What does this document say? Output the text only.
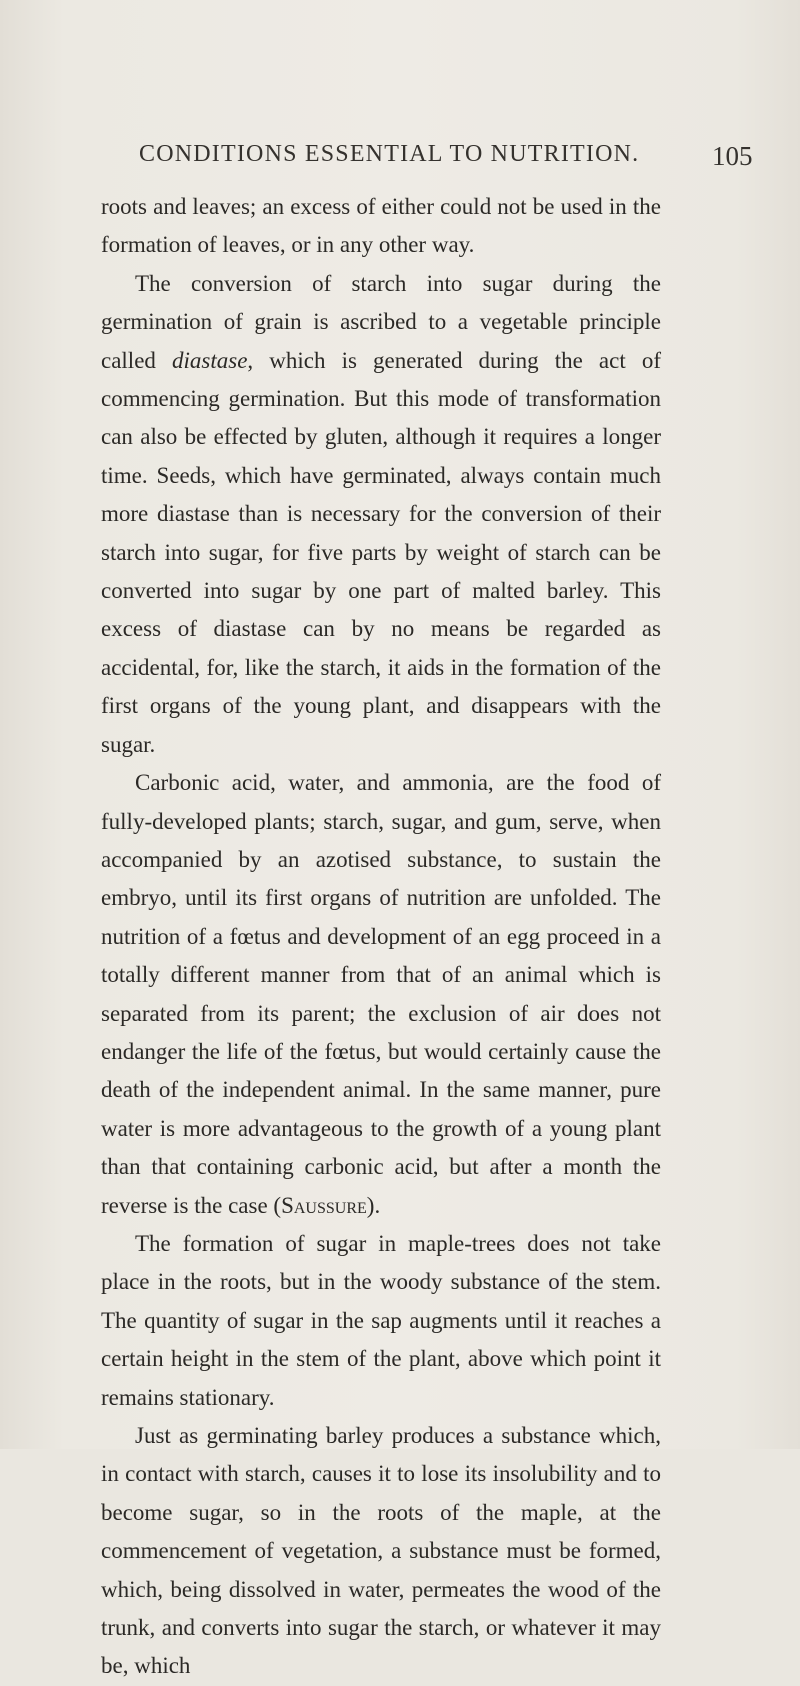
CONDITIONS ESSENTIAL TO NUTRITION.	105

roots and leaves; an excess of either could not be used in the formation of leaves, or in any other way.

The conversion of starch into sugar during the germination of grain is ascribed to a vegetable principle called diastase, which is generated during the act of commencing germination. But this mode of transformation can also be effected by gluten, although it requires a longer time. Seeds, which have germinated, always contain much more diastase than is necessary for the conversion of their starch into sugar, for five parts by weight of starch can be converted into sugar by one part of malted barley. This excess of diastase can by no means be regarded as accidental, for, like the starch, it aids in the formation of the first organs of the young plant, and disappears with the sugar.

Carbonic acid, water, and ammonia, are the food of fully-developed plants; starch, sugar, and gum, serve, when accompanied by an azotised substance, to sustain the embryo, until its first organs of nutrition are unfolded. The nutrition of a fœtus and development of an egg proceed in a totally different manner from that of an animal which is separated from its parent; the exclusion of air does not endanger the life of the fœtus, but would certainly cause the death of the independent animal. In the same manner, pure water is more advantageous to the growth of a young plant than that containing carbonic acid, but after a month the reverse is the case (Saussure).

The formation of sugar in maple-trees does not take place in the roots, but in the woody substance of the stem. The quantity of sugar in the sap augments until it reaches a certain height in the stem of the plant, above which point it remains stationary.

Just as germinating barley produces a substance which, in contact with starch, causes it to lose its insolubility and to become sugar, so in the roots of the maple, at the commencement of vegetation, a substance must be formed, which, being dissolved in water, permeates the wood of the trunk, and converts into sugar the starch, or whatever it may be, which
